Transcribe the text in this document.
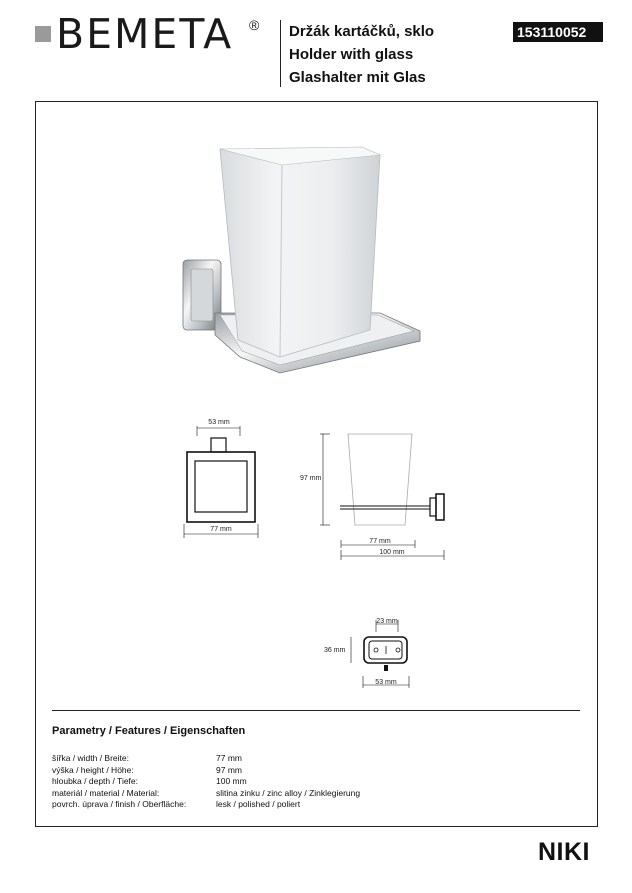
BEMETA ® Držák kartáčků, sklo
Holder with glass
Glashalter mit Glas
153110052
53 mm
77 mm
97 mm
77 mm
100 mm
23 mm
36 mm
53 mm
Parametry / Features / Eigenschaften
šířka / width / Breite:	77 mm
výška / height / Höhe:	97 mm
hloubka / depth / Tiefe:	100 mm
materiál / material / Material:	slitina zinku / zinc alloy / Zinklegierung
povrch. úprava / finish / Oberfläche:	lesk / polished / poliert
NIKI
